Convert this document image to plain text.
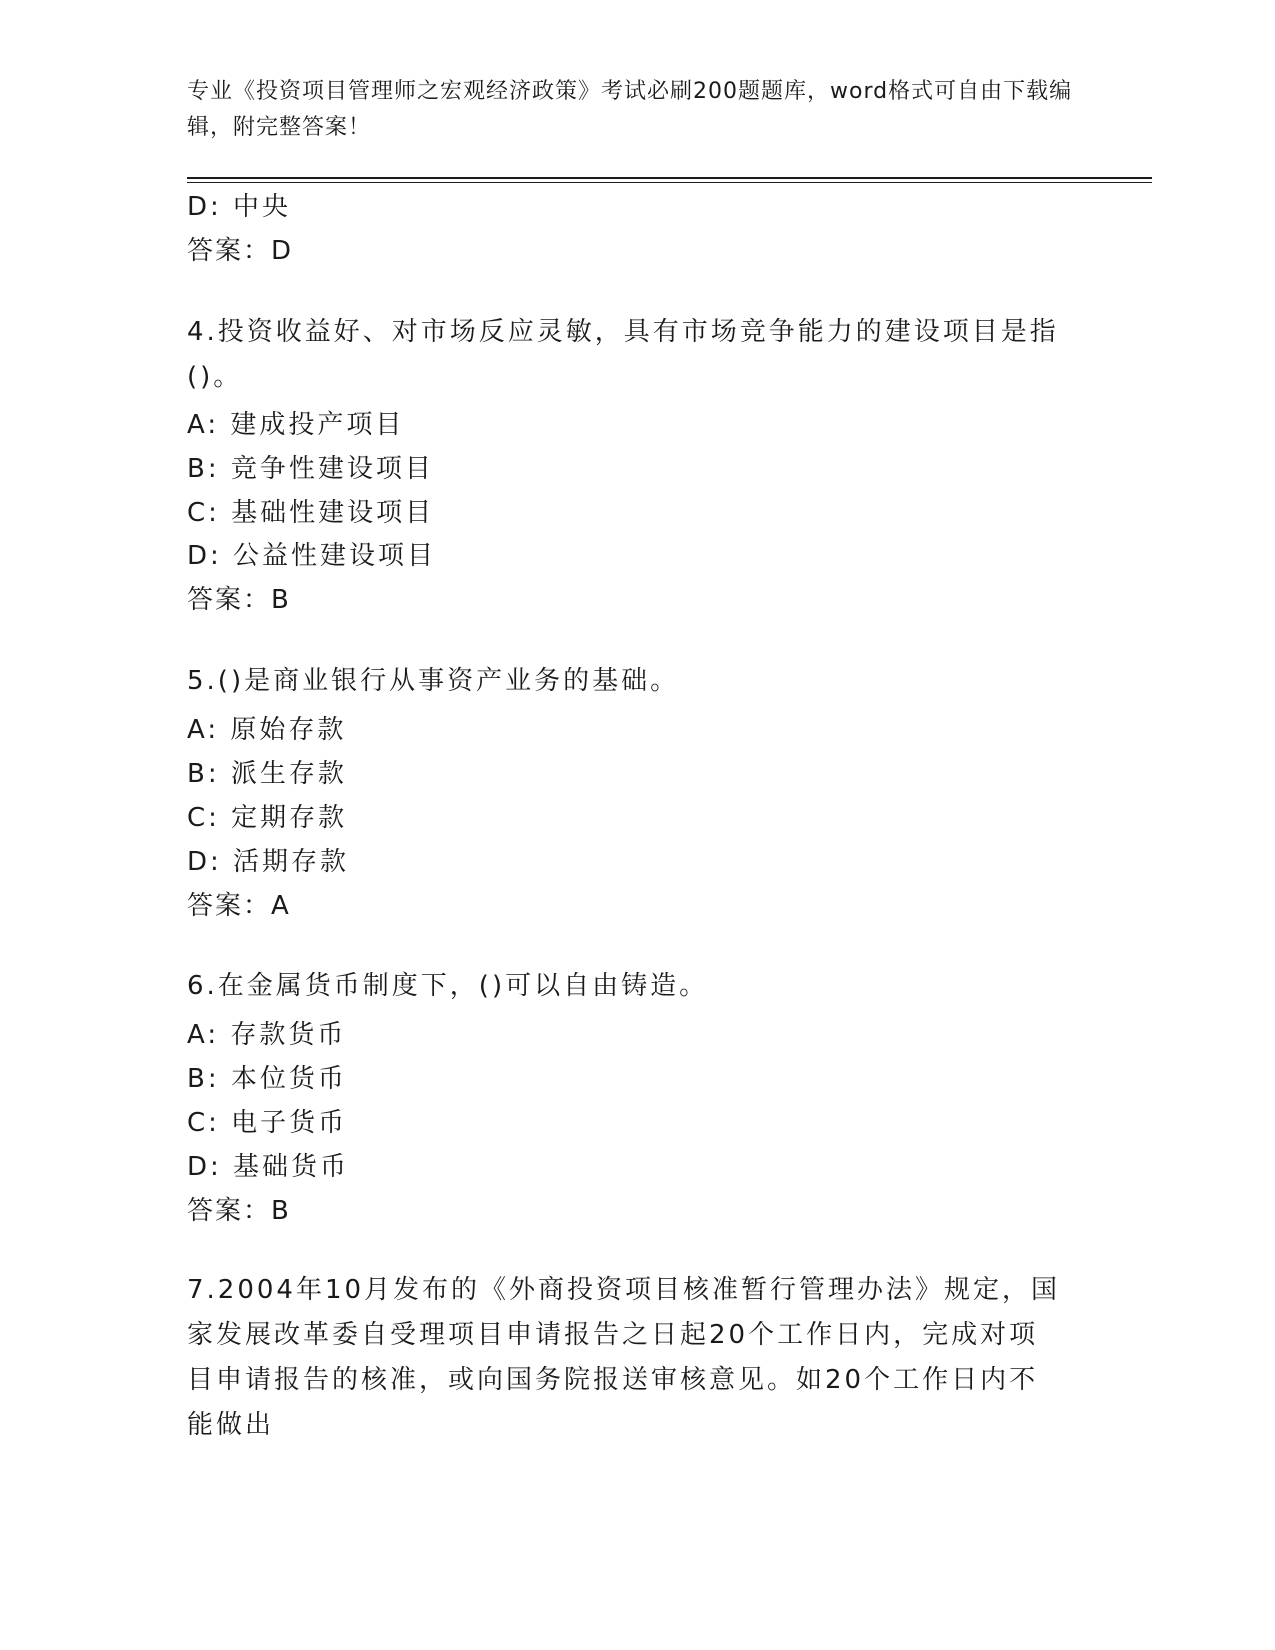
专业《投资项目管理师之宏观经济政策》考试必刷200题题库，word格式可自由下载编辑，附完整答案！
D: 中央
答案：D
4.投资收益好、对市场反应灵敏，具有市场竞争能力的建设项目是指()。
A: 建成投产项目
B: 竞争性建设项目
C: 基础性建设项目
D: 公益性建设项目
答案：B
5.()是商业银行从事资产业务的基础。
A: 原始存款
B: 派生存款
C: 定期存款
D: 活期存款
答案：A
6.在金属货币制度下，()可以自由铸造。
A: 存款货币
B: 本位货币
C: 电子货币
D: 基础货币
答案：B
7.2004年10月发布的《外商投资项目核准暂行管理办法》规定，国家发展改革委自受理项目申请报告之日起20个工作日内，完成对项目申请报告的核准，或向国务院报送审核意见。如20个工作日内不能做出
